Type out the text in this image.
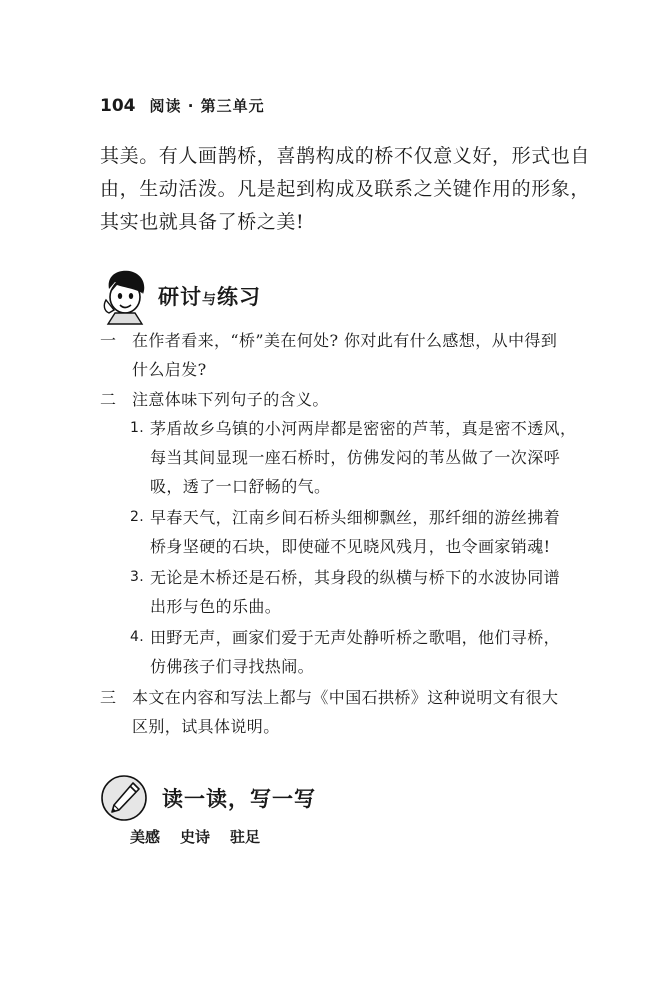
104 阅读 · 第三单元

其美。有人画鹊桥，喜鹊构成的桥不仅意义好，形式也自
由，生动活泼。凡是起到构成及联系之关键作用的形象，
其实也就具备了桥之美!

研讨与练习
一 在作者看来，“桥”美在何处? 你对此有什么感想，从中得到
什么启发?
二 注意体味下列句子的含义。
1. 茅盾故乡乌镇的小河两岸都是密密的芦苇，真是密不透风，
每当其间显现一座石桥时，仿佛发闷的苇丛做了一次深呼
吸，透了一口舒畅的气。
2. 早春天气，江南乡间石桥头细柳飘丝，那纤细的游丝拂着
桥身坚硬的石块，即使碰不见晓风残月，也令画家销魂!
3. 无论是木桥还是石桥，其身段的纵横与桥下的水波协同谱
出形与色的乐曲。
4. 田野无声，画家们爱于无声处静听桥之歌唱，他们寻桥，
仿佛孩子们寻找热闹。
三 本文在内容和写法上都与《中国石拱桥》这种说明文有很大
区别，试具体说明。
读一读，写一写
美感 史诗 驻足
